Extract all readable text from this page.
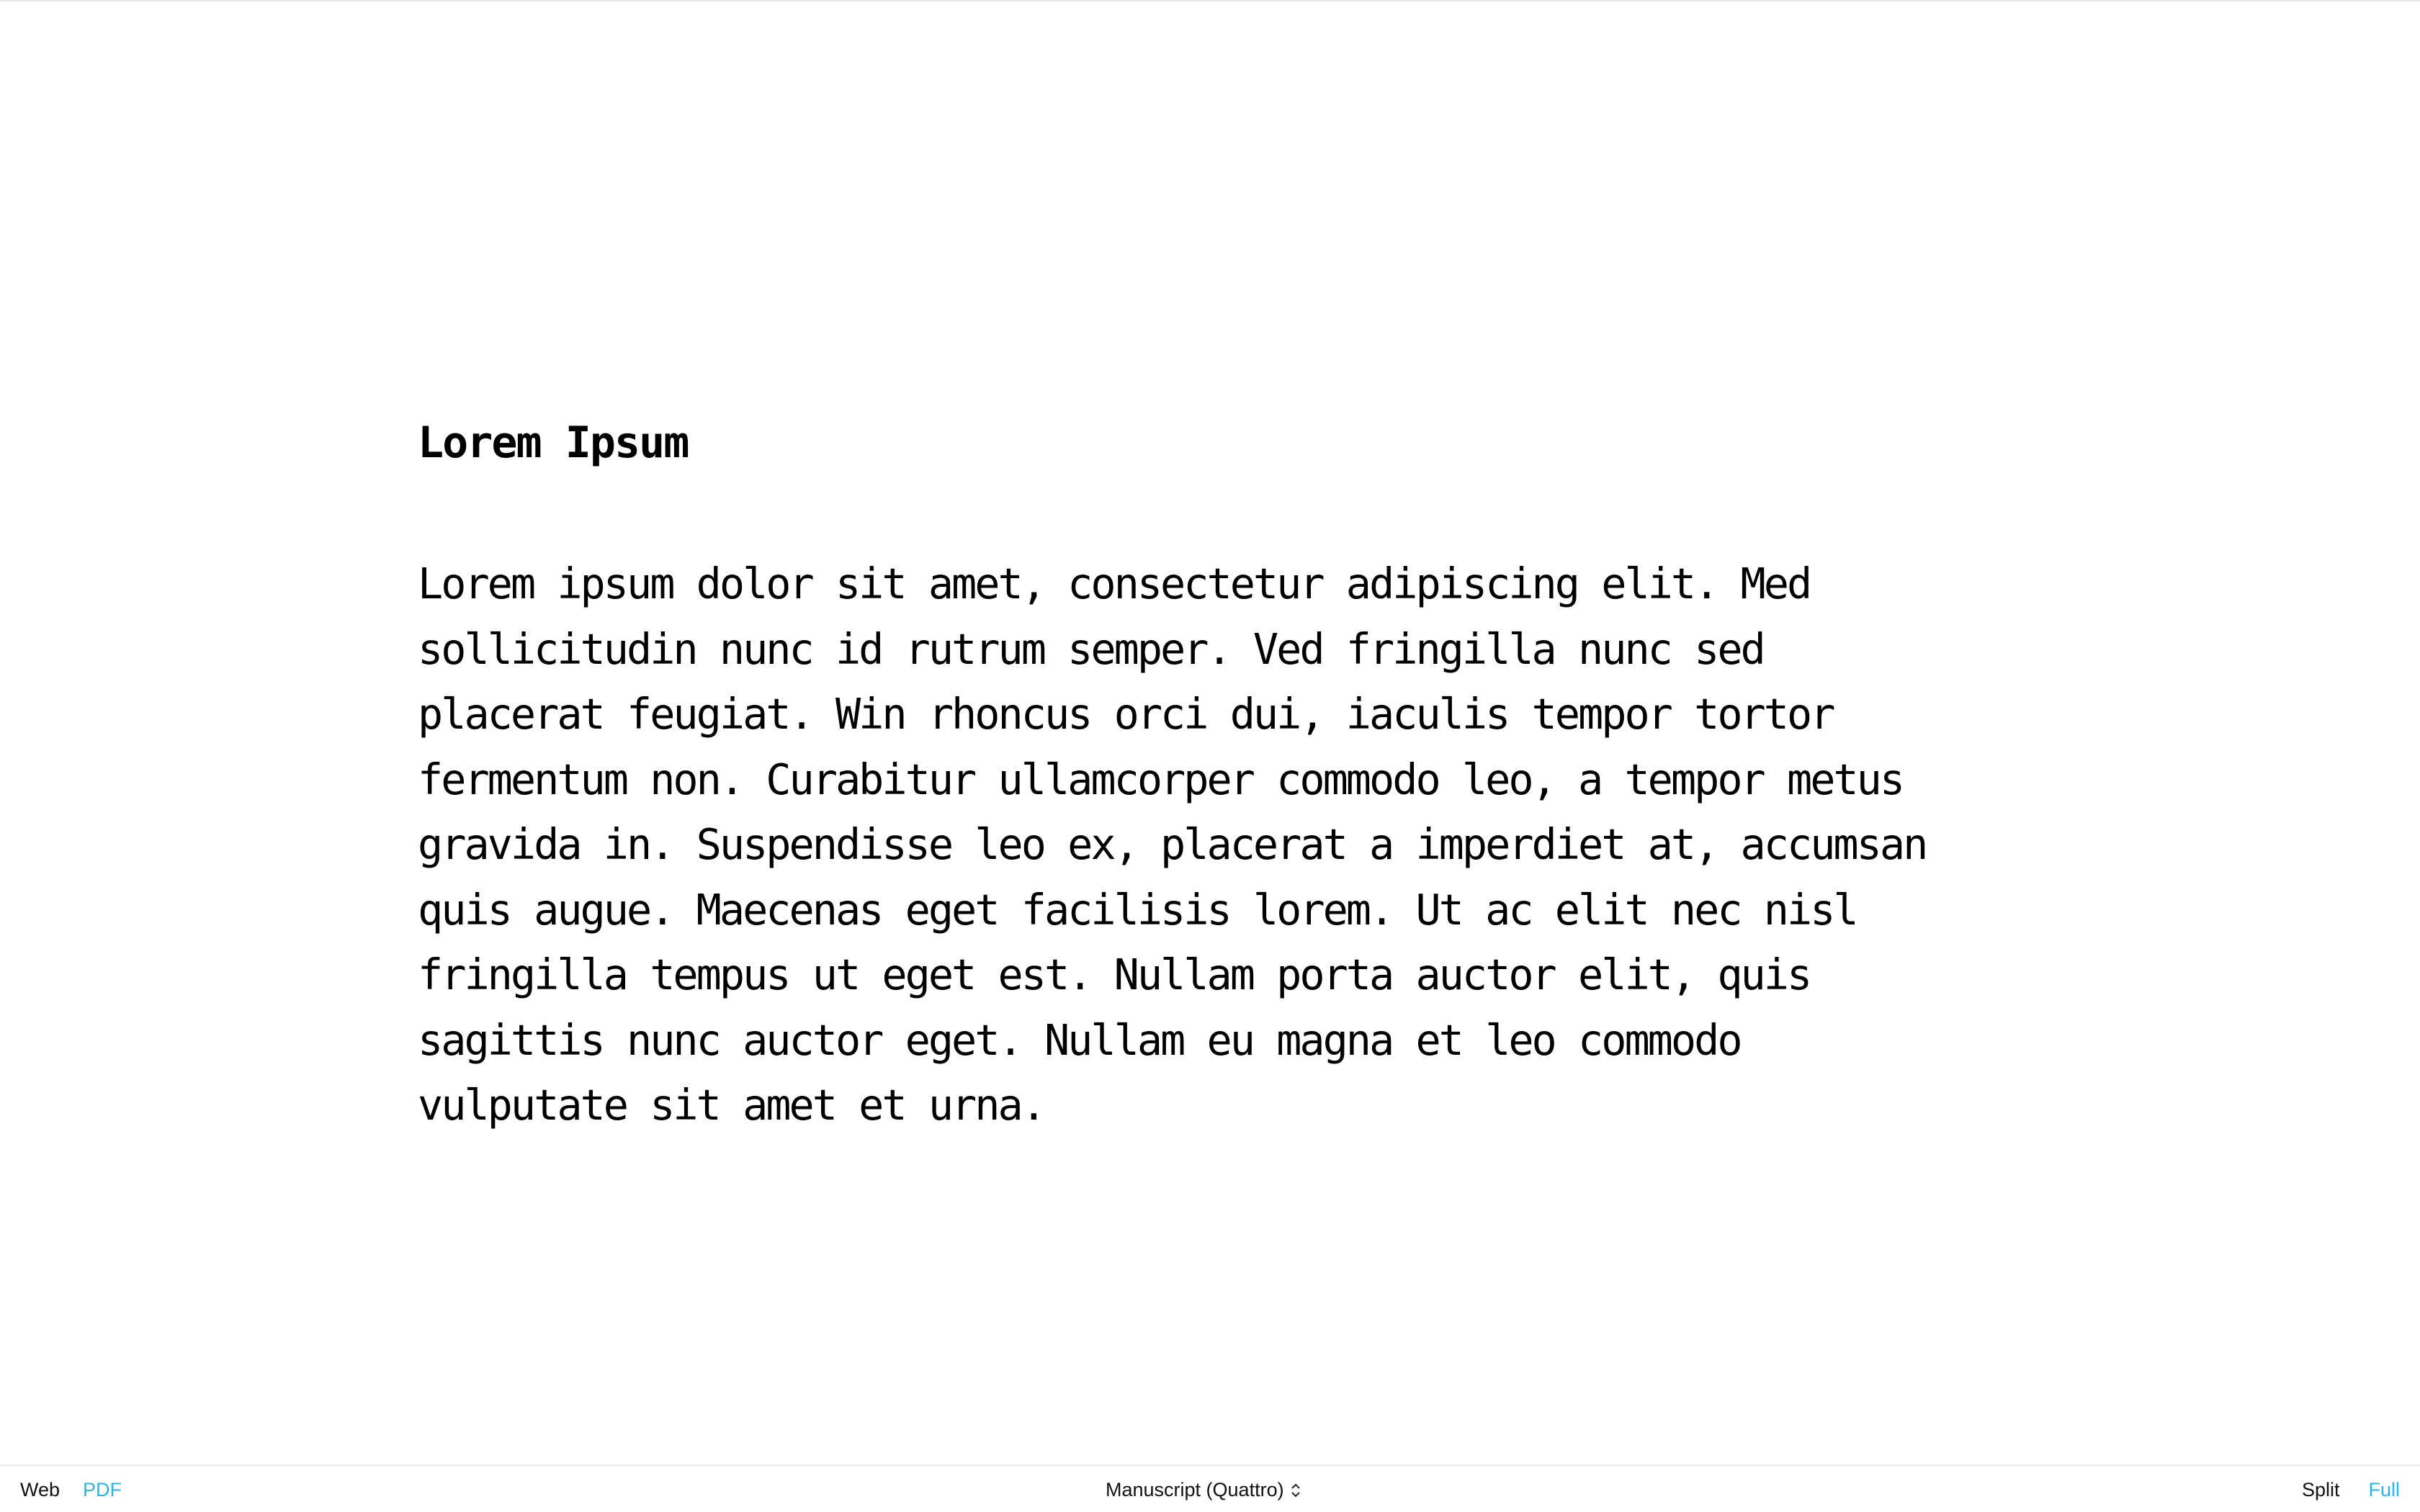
Lorem Ipsum

Lorem ipsum dolor sit amet, consectetur adipiscing elit. Med sollicitudin nunc id rutrum semper. Ved fringilla nunc sed placerat feugiat. Win rhoncus orci dui, iaculis tempor tortor fermentum non. Curabitur ullamcorper commodo leo, a tempor metus gravida in. Suspendisse leo ex, placerat a imperdiet at, accumsan quis augue. Maecenas eget facilisis lorem. Ut ac elit nec nisl fringilla tempus ut eget est. Nullam porta auctor elit, quis sagittis nunc auctor eget. Nullam eu magna et leo commodo vulputate sit amet et urna.

Web PDF	Manuscript (Quattro)	Split Full
